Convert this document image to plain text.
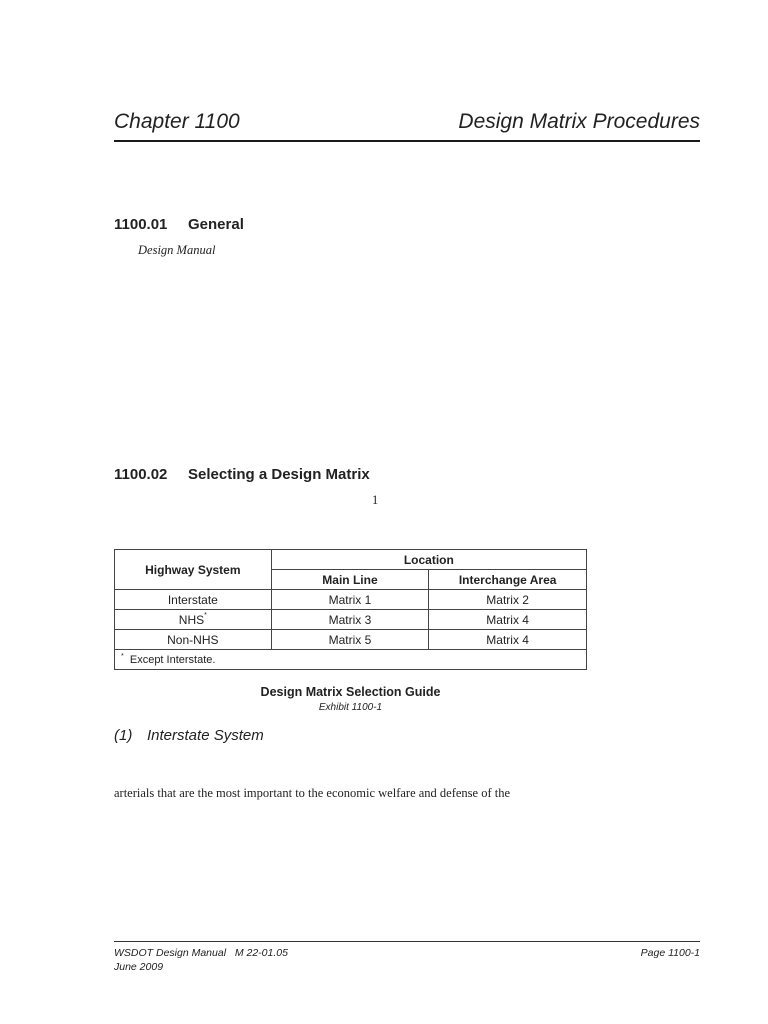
Chapter 1100	Design Matrix Procedures
1100.01 General
Design Manual
1100.02 Selecting a Design Matrix
1
Highway System	Location	
	Main Line	Interchange Area
Interstate	Matrix 1	Matrix 2
NHS*	Matrix 3	Matrix 4
Non-NHS	Matrix 5	Matrix 4
* Except Interstate.		
Design Matrix Selection Guide
Exhibit 1100-1
(1) Interstate System
arterials that are the most important to the economic welfare and defense of the
WSDOT Design Manual M 22-01.05
June 2009
Page 1100-1
